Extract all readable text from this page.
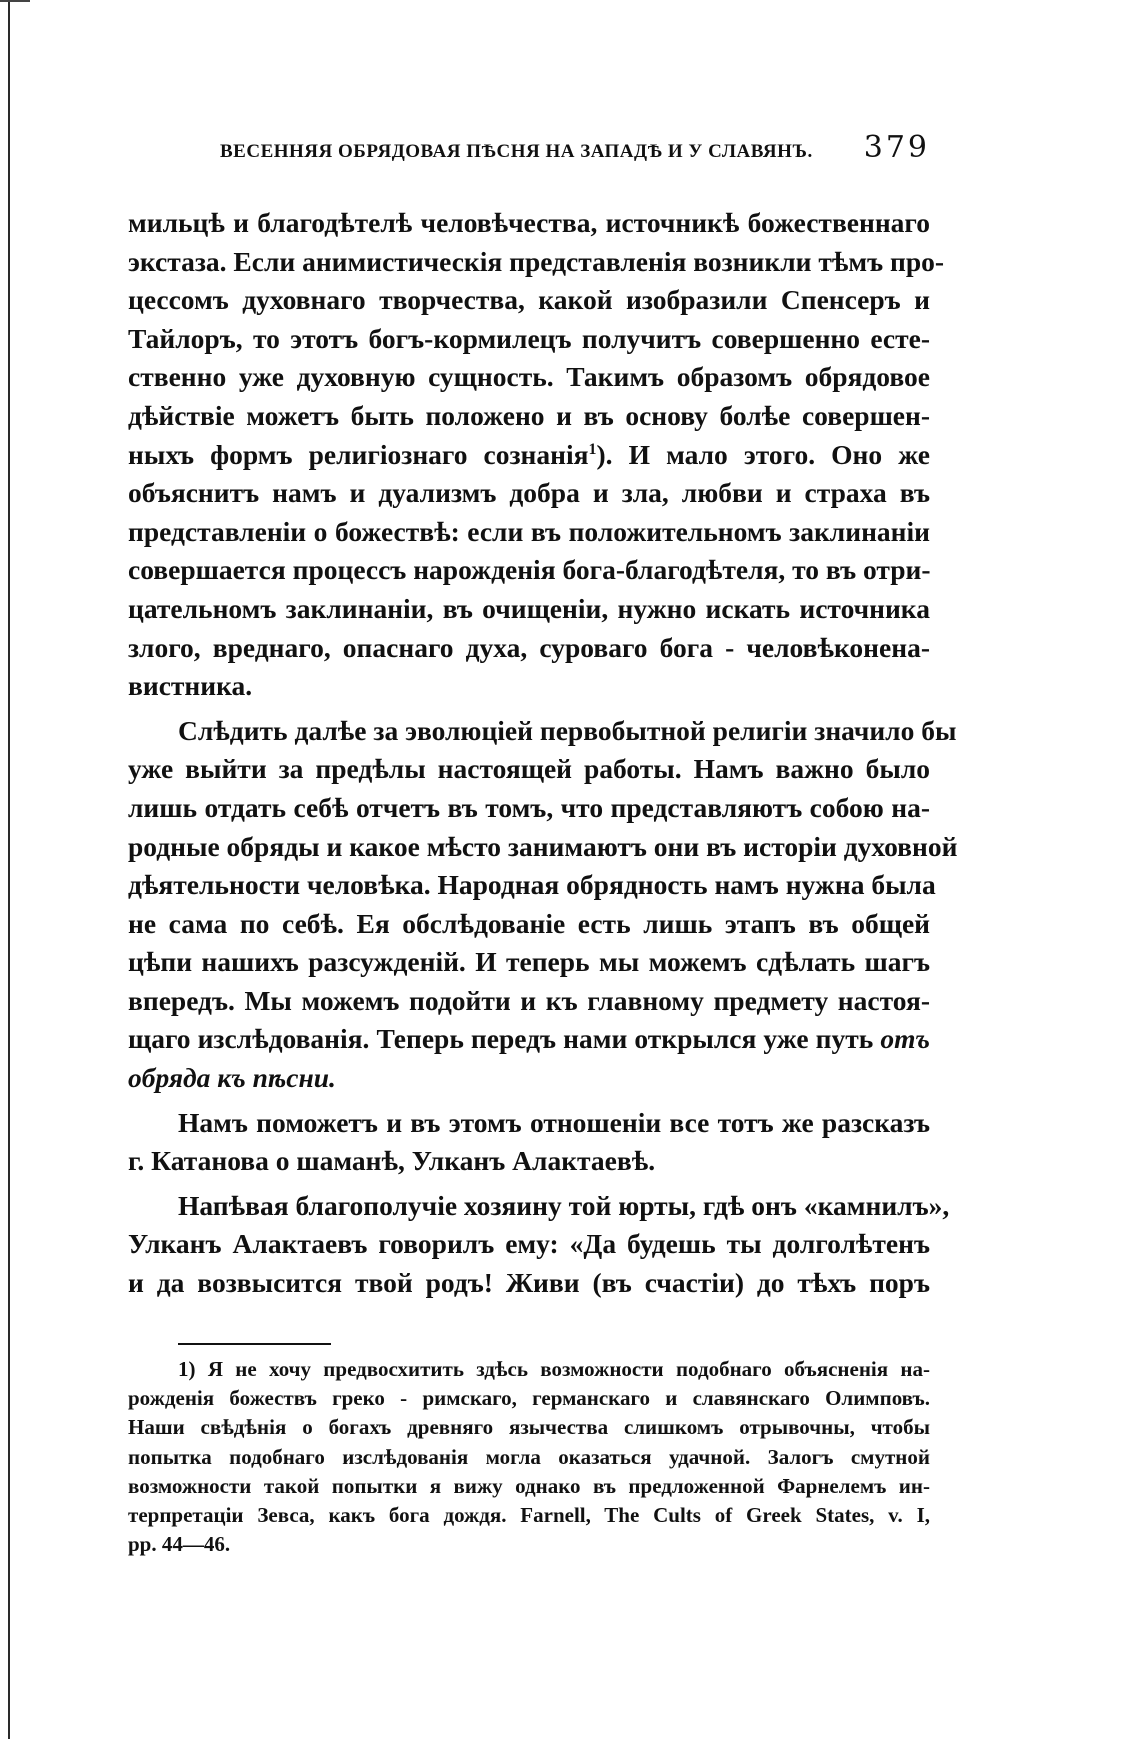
ВЕСЕННЯЯ ОБРЯДОВАЯ ПѢСНЯ НА ЗАПАДѢ И У СЛАВЯНЪ. 379

мильцѣ и благодѣтелѣ человѣчества, источникѣ божественнаго
экстаза. Если анимистическія представленія возникли тѣмъ про-
цессомъ духовнаго творчества, какой изобразили Спенсеръ и
Тайлоръ, то этотъ богъ-кормилецъ получитъ совершенно есте-
ственно уже духовную сущность. Такимъ образомъ обрядовое
дѣйствіе можетъ быть положено и въ основу болѣе совершен-
ныхъ формъ религіознаго сознанія$^1$). И мало этого. Оно же
объяснитъ намъ и дуализмъ добра и зла, любви и страха въ
представленіи о божествѣ: если въ положительномъ заклинаніи
совершается процессъ нарожденія бога-благодѣтеля, то въ отри-
цательномъ заклинаніи, въ очищеніи, нужно искать источника
злого, вреднаго, опаснаго духа, суроваго бога - человѣконена-
вистника.

Слѣдить далѣе за эволюціей первобытной религіи значило бы
уже выйти за предѣлы настоящей работы. Намъ важно было
лишь отдать себѣ отчетъ въ томъ, что представляютъ собою на-
родные обряды и какое мѣсто занимаютъ они въ исторіи духовной
дѣятельности человѣка. Народная обрядность намъ нужна была
не сама по себѣ. Ея обслѣдованіе есть лишь этапъ въ общей
цѣпи нашихъ разсужденій. И теперь мы можемъ сдѣлать шагъ
впередъ. Мы можемъ подойти и къ главному предмету настоя-
щаго изслѣдованія. Теперь передъ нами открылся уже путь отъ
обряда къ пѣсни.

Намъ поможетъ и въ этомъ отношеніи все тотъ же разсказъ
г. Катанова о шаманѣ, Улканъ Алактаевѣ.

Напѣвая благополучіе хозяину той юрты, гдѣ онъ «камнилъ»,
Улканъ Алактаевъ говорилъ ему: «Да будешь ты долголѣтенъ
и да возвысится твой родъ! Живи (въ счастіи) до тѣхъ поръ

1) Я не хочу предвосхитить здѣсь возможности подобнаго объясненія на-
рожденія божествъ греко - римскаго, германскаго и славянскаго Олимповъ.
Наши свѣдѣнія о богахъ древняго язычества слишкомъ отрывочны, чтобы
попытка подобнаго изслѣдованія могла оказаться удачной. Залогъ смутной
возможности такой попытки я вижу однако въ предложенной Фарнелемъ ин-
терпретаціи Зевса, какъ бога дождя. Farnell, The Cults of Greek States, v. I,
pp. 44—46.
